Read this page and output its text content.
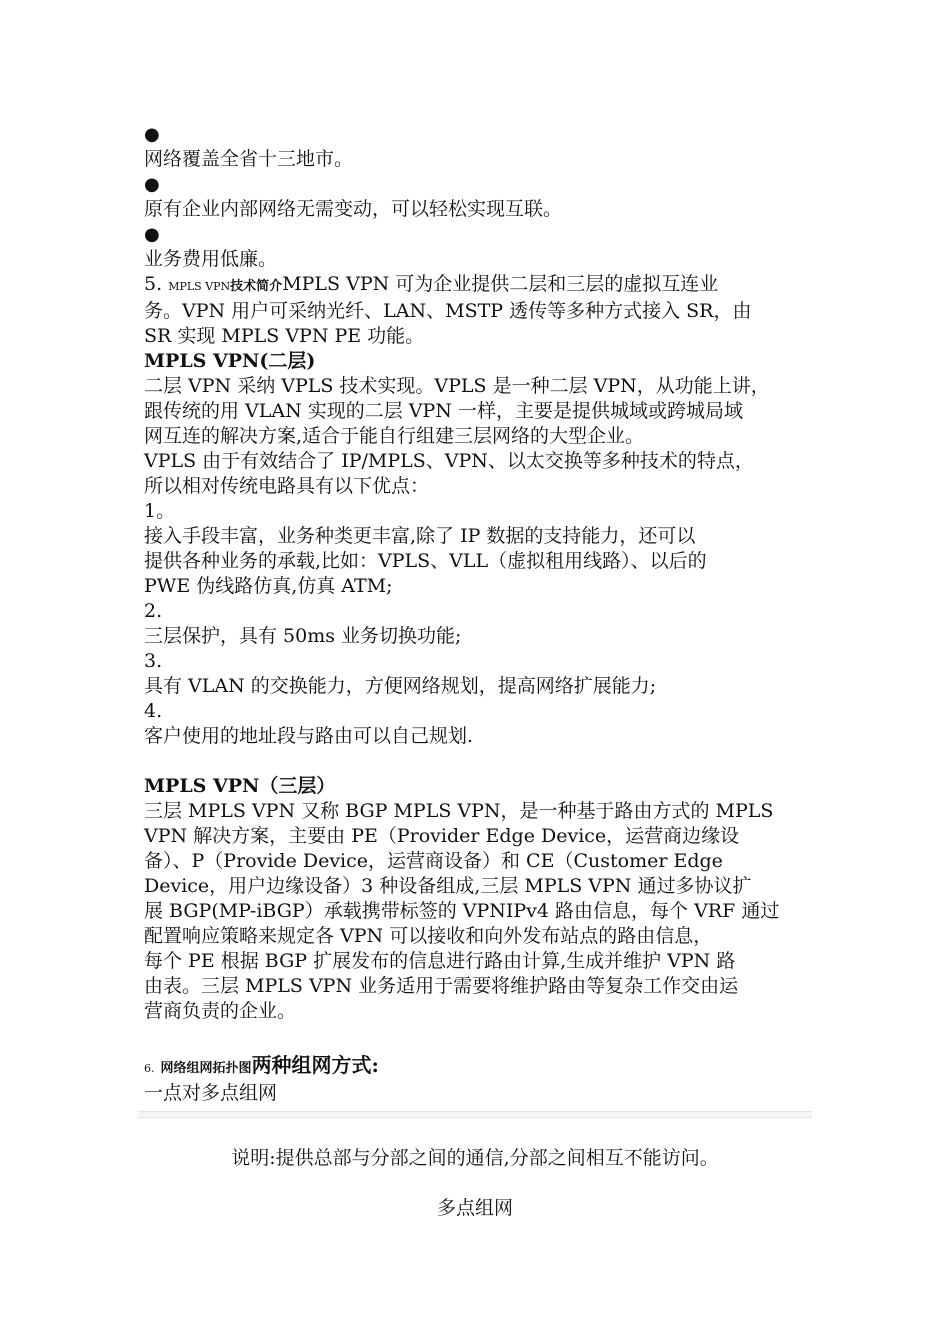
●
网络覆盖全省十三地市。
●
原有企业内部网络无需变动，可以轻松实现互联。
●
业务费用低廉。
5. MPLS VPN技术简介MPLS VPN 可为企业提供二层和三层的虚拟互连业
务。VPN 用户可采纳光纤、LAN、MSTP 透传等多种方式接入 SR，由
SR 实现 MPLS VPN PE 功能。
MPLS VPN(二层)
二层 VPN 采纳 VPLS 技术实现。VPLS 是一种二层 VPN，从功能上讲，
跟传统的用 VLAN 实现的二层 VPN 一样，主要是提供城域或跨城局域
网互连的解决方案,适合于能自行组建三层网络的大型企业。
VPLS 由于有效结合了 IP/MPLS、VPN、以太交换等多种技术的特点，
所以相对传统电路具有以下优点：
1。
接入手段丰富，业务种类更丰富,除了 IP 数据的支持能力，还可以
提供各种业务的承载,比如：VPLS、VLL（虚拟租用线路）、以后的
PWE 伪线路仿真,仿真 ATM;
2.
三层保护，具有 50ms 业务切换功能;
3.
具有 VLAN 的交换能力，方便网络规划，提高网络扩展能力;
4.
客户使用的地址段与路由可以自己规划.
MPLS VPN（三层）
三层 MPLS VPN 又称 BGP MPLS VPN，是一种基于路由方式的 MPLS
VPN 解决方案，主要由 PE（Provider Edge Device，运营商边缘设
备）、P（Provide Device，运营商设备）和 CE（Customer Edge
Device，用户边缘设备）3 种设备组成,三层 MPLS VPN 通过多协议扩
展 BGP(MP-iBGP）承载携带标签的 VPNIPv4 路由信息，每个 VRF 通过
配置响应策略来规定各 VPN 可以接收和向外发布站点的路由信息，
每个 PE 根据 BGP 扩展发布的信息进行路由计算,生成并维护 VPN 路
由表。三层 MPLS VPN 业务适用于需要将维护路由等复杂工作交由运
营商负责的企业。
6. 网络组网拓扑图两种组网方式:
一点对多点组网
说明:提供总部与分部之间的通信,分部之间相互不能访问。
多点组网
